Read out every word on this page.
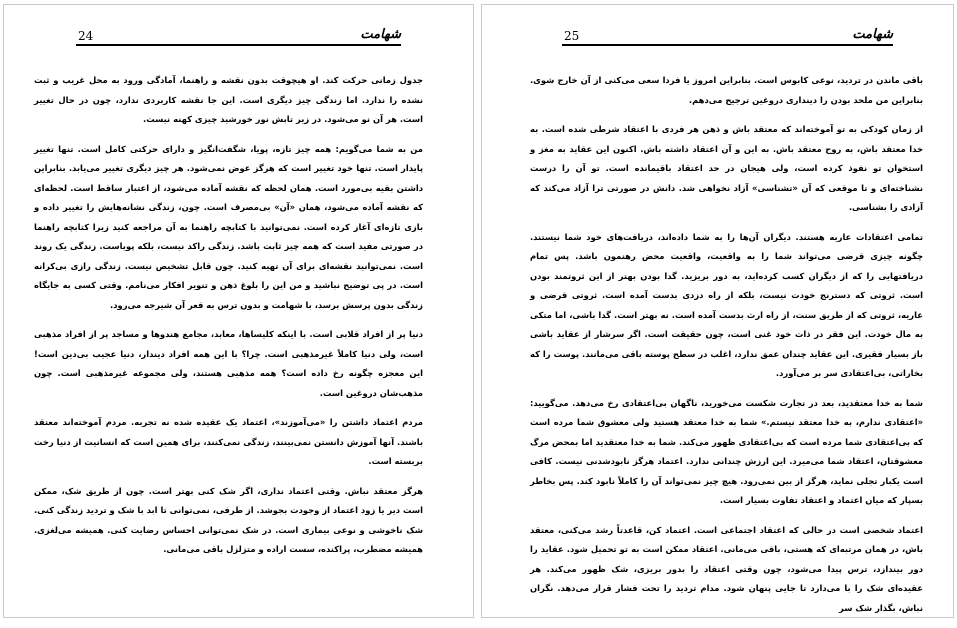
24	شهامت

جدول زمانی حرکت کند. او هیچوقت بدون نقشه و راهنما، آمادگی ورود به محل غریب و ثبت نشده را ندارد. اما زندگی چیز دیگری است. این جا نقشه کاربردی ندارد، چون در حال تغییر است. هر آن نو می‌شود. در زیر تابش نور خورشید چیزی کهنه نیست.

من به شما می‌گویم: همه چیز تازه، پویا، شگفت‌انگیز و دارای حرکتی کامل است. تنها تغییر پایدار است. تنها خود تغییر است که هرگز عوض نمی‌شود. هر چیز دیگری تغییر می‌یابد. بنابراین داشتن بقیه بی‌مورد است. همان لحظه که نقشه آماده می‌شود، از اعتبار ساقط است. لحظه‌ای که نقشه آماده می‌شود، همان «آن» بی‌مصرف است. چون، زندگی نشانه‌هایش را تغییر داده و بازی تازه‌ای آغاز کرده است. نمی‌توانید با کتابچه راهنما به آن مراجعه کنید زیرا کتابچه راهنما در صورتی مفید است که همه چیز ثابت باشد. زندگی راکد نیست، بلکه پویاست. زندگی یک روند است. نمی‌توانید نقشه‌ای برای آن تهیه کنید. چون قابل تشخیص نیست. زندگی رازی بی‌کرانه است. در پی توضیح نباشید و من این را بلوغ ذهن و تنویر افکار می‌نامم. وقتی کسی به جایگاه زندگی بدون پرسش برسد، با شهامت و بدون ترس به قعر آن شیرجه می‌رود.

دنیا پر از افراد قلابی است. با اینکه کلیساها، معابد، مجامع هندوها و مساجد پر از افراد مذهبی است، ولی دنیا کاملاً غیرمذهبی است. چرا؟ با این همه افراد دیندار، دنیا عجیب بی‌دین است! این معجزه چگونه رخ داده است؟ همه مذهبی هستند، ولی مجموعه غیرمذهبی است. چون مذهب‌شان دروغین است.

مردم اعتماد داشتن را «می‌آموزند»، اعتماد یک عقیده شده نه تجربه. مردم آموخته‌اند معتقد باشند. آنها آموزش دانستن نمی‌بینند، زندگی نمی‌کنند، برای همین است که انسانیت از دنیا رخت بربسته است.

هرگز معتقد نباش. وقتی اعتماد نداری، اگر شک کنی بهتر است. چون از طریق شک، ممکن است دیر یا زود اعتماد از وجودت بجوشد. از طرفی، نمی‌توانی تا ابد با شک و تردید زندگی کنی. شک ناخوشی و نوعی بیماری است. در شک نمی‌توانی احساس رضایت کنی. همیشه می‌لغزی. همیشه مضطرب، پراکنده، سست اراده و متزلزل باقی می‌مانی.

25	شهامت

باقی ماندن در تردید، نوعی کابوس است. بنابراین امروز یا فردا سعی می‌کنی از آن خارج شوی. بنابراین من ملحد بودن را دینداری دروغین ترجیح می‌دهم.

از زمان کودکی به تو آموخته‌اند که معتقد باش و ذهن هر فردی با اعتقاد شرطی شده است. به خدا معتقد باش، به روح معتقد باش. به این و آن اعتقاد داشته باش. اکنون این عقاید به مغز و استخوان تو نفوذ کرده است، ولی هیجان در حد اعتقاد باقیمانده است. تو آن را درست نشناخته‌ای و تا موقعی که آن «تشناسی» آزاد نخواهی شد. دانش در صورتی ترا آزاد می‌کند که آزادی را بشناسی.

تمامی اعتقادات عاریه هستند. دیگران آن‌ها را به شما داده‌اند، دریافت‌های خود شما نیستند. چگونه چیزی قرضی می‌تواند شما را به واقعیت، واقعیت محض رهنمون باشد. پس تمام دریافتهایی را که از دیگران کسب کرده‌اید، به دور بریزید. گدا بودن بهتر از این ثروتمند بودن است. ثروتی که دسترنج خودت نیست، بلکه از راه دزدی بدست آمده است. ثروتی قرضی و عاریه، ثروتی که از طریق سنت، از راه ارث بدست آمده است. نه بهتر است. گدا باشی، اما متکی به مال خودت. این فقر در ذات خود غنی است، چون حقیقت است. اگر سرشار از عقاید باشی باز بسیار فقیری. این عقاید چندان عمق ندارد، اغلب در سطح پوسته باقی می‌مانند. پوست را که بخاراتی، بی‌اعتقادی سر بر می‌آورد.

شما به خدا معتقدید، بعد در تجارت شکست می‌خورید، ناگهان بی‌اعتقادی رخ می‌دهد. می‌گویید: «اعتقادی ندارم، به خدا معتقد نیستم.» شما به خدا معتقد هستید ولی معشوق شما مرده است که بی‌اعتقادی شما مرده است که بی‌اعتقادی ظهور می‌کند. شما به خدا معتقدید اما بمحض مرگ معشوقتان، اعتقاد شما می‌میرد. این ارزش چندانی ندارد. اعتماد هرگز نابودشدنی نیست. کافی است یکبار تجلی نماید، هرگز از بین نمی‌رود. هیچ چیز نمی‌تواند آن را کاملاً نابود کند. پس بخاطر بسپار که میان اعتماد و اعتقاد تفاوت بسیار است.

اعتماد شخصی است در حالی که اعتقاد اجتماعی است. اعتماد کن، قاعدتاً رشد می‌کنی، معتقد باش، در همان مرتبه‌ای که هستی، باقی می‌مانی. اعتقاد ممکن است به تو تحمیل شود. عقاید را دور بیندازد، ترس پیدا می‌شود، چون وقتی اعتقاد را بدور بریزی، شک ظهور می‌کند. هر عقیده‌ای شک را با می‌دارد تا جایی پنهان شود. مدام تردید را تحت فشار قرار می‌دهد. نگران نباش، بگذار شک سر
